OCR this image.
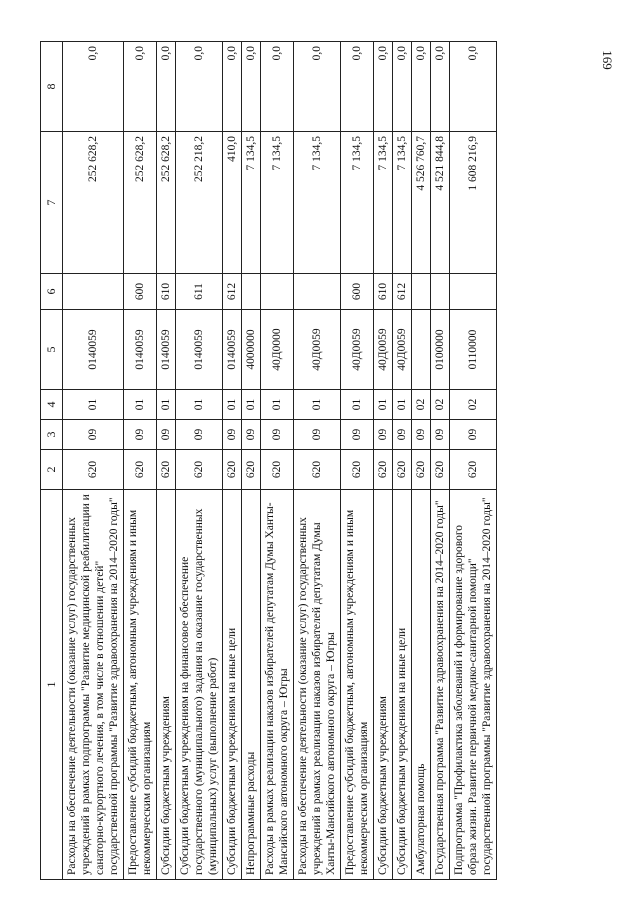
169
1	2	3	4	5	6	7	8
Расходы на обеспечение деятельности (оказание услуг) государственных учреждений в рамках подпрограммы "Развитие медицинской реабилитации и санаторно-курортного лечения, в том числе в отношении детей" государственной программы "Развитие здравоохранения на 2014–2020 годы"	620	09	01	0140059		252 628,2	0,0
Предоставление субсидий бюджетным, автономным учреждениям и иным некоммерческим организациям	620	09	01	0140059	600	252 628,2	0,0
Субсидии бюджетным учреждениям	620	09	01	0140059	610	252 628,2	0,0
Субсидии бюджетным учреждениям на финансовое обеспечение государственного (муниципального) задания на оказание государственных (муниципальных) услуг (выполнение работ)	620	09	01	0140059	611	252 218,2	0,0
Субсидии бюджетным учреждениям на иные цели	620	09	01	0140059	612	410,0	0,0
Непрограммные расходы	620	09	01	4000000		7 134,5	0,0
Расходы в рамках реализации наказов избирателей депутатам Думы Ханты-Мансийского автономного округа – Югры	620	09	01	40Д0000		7 134,5	0,0
Расходы на обеспечение деятельности (оказание услуг) государственных учреждений в рамках реализации наказов избирателей депутатам Думы Ханты-Мансийского автономного округа – Югры	620	09	01	40Д0059		7 134,5	0,0
Предоставление субсидий бюджетным, автономным учреждениям и иным некоммерческим организациям	620	09	01	40Д0059	600	7 134,5	0,0
Субсидии бюджетным учреждениям	620	09	01	40Д0059	610	7 134,5	0,0
Субсидии бюджетным учреждениям на иные цели	620	09	01	40Д0059	612	7 134,5	0,0
Амбулаторная помощь	620	09	02			4 526 760,7	0,0
Государственная программа "Развитие здравоохранения на 2014–2020 годы"	620	09	02	0100000		4 521 844,8	0,0
Подпрограмма "Профилактика заболеваний и формирование здорового образа жизни. Развитие первичной медико-санитарной помощи" государственной программы "Развитие здравоохранения на 2014–2020 годы"	620	09	02	0110000		1 608 216,9	0,0
